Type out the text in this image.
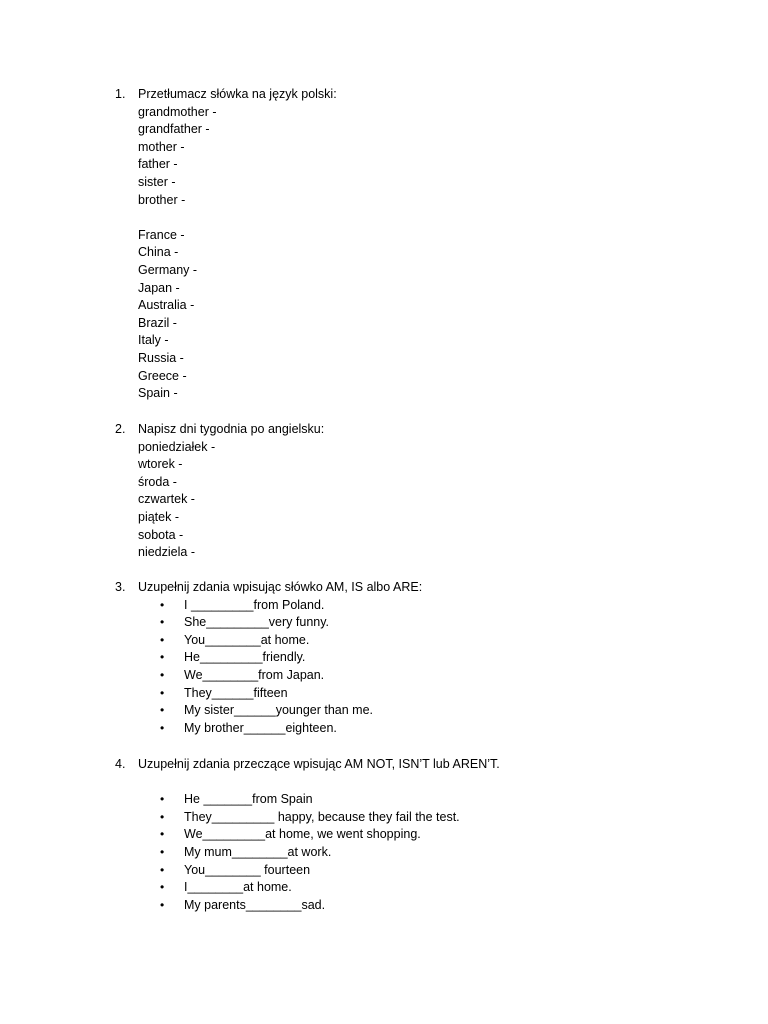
1. Przetłumacz słówka na język polski:
grandmother -
grandfather -
mother -
father -
sister -
brother -
France -
China -
Germany -
Japan -
Australia -
Brazil -
Italy -
Russia -
Greece -
Spain -
2. Napisz dni tygodnia po angielsku:
poniedziałek -
wtorek -
środa -
czwartek -
piątek -
sobota -
niedziela -
3. Uzupełnij zdania wpisując słówko AM, IS albo ARE:
• I _________from Poland.
• She_________very funny.
• You________at home.
• He_________friendly.
• We________from Japan.
• They______fifteen
• My sister______younger than me.
• My brother______eighteen.
4. Uzupełnij zdania przeczące wpisując AM NOT, ISN’T lub AREN’T.
• He _______from Spain
• They_________ happy, because they fail the test.
• We_________at home, we went shopping.
• My mum________at work.
• You________ fourteen
• I________at home.
• My parents________sad.
